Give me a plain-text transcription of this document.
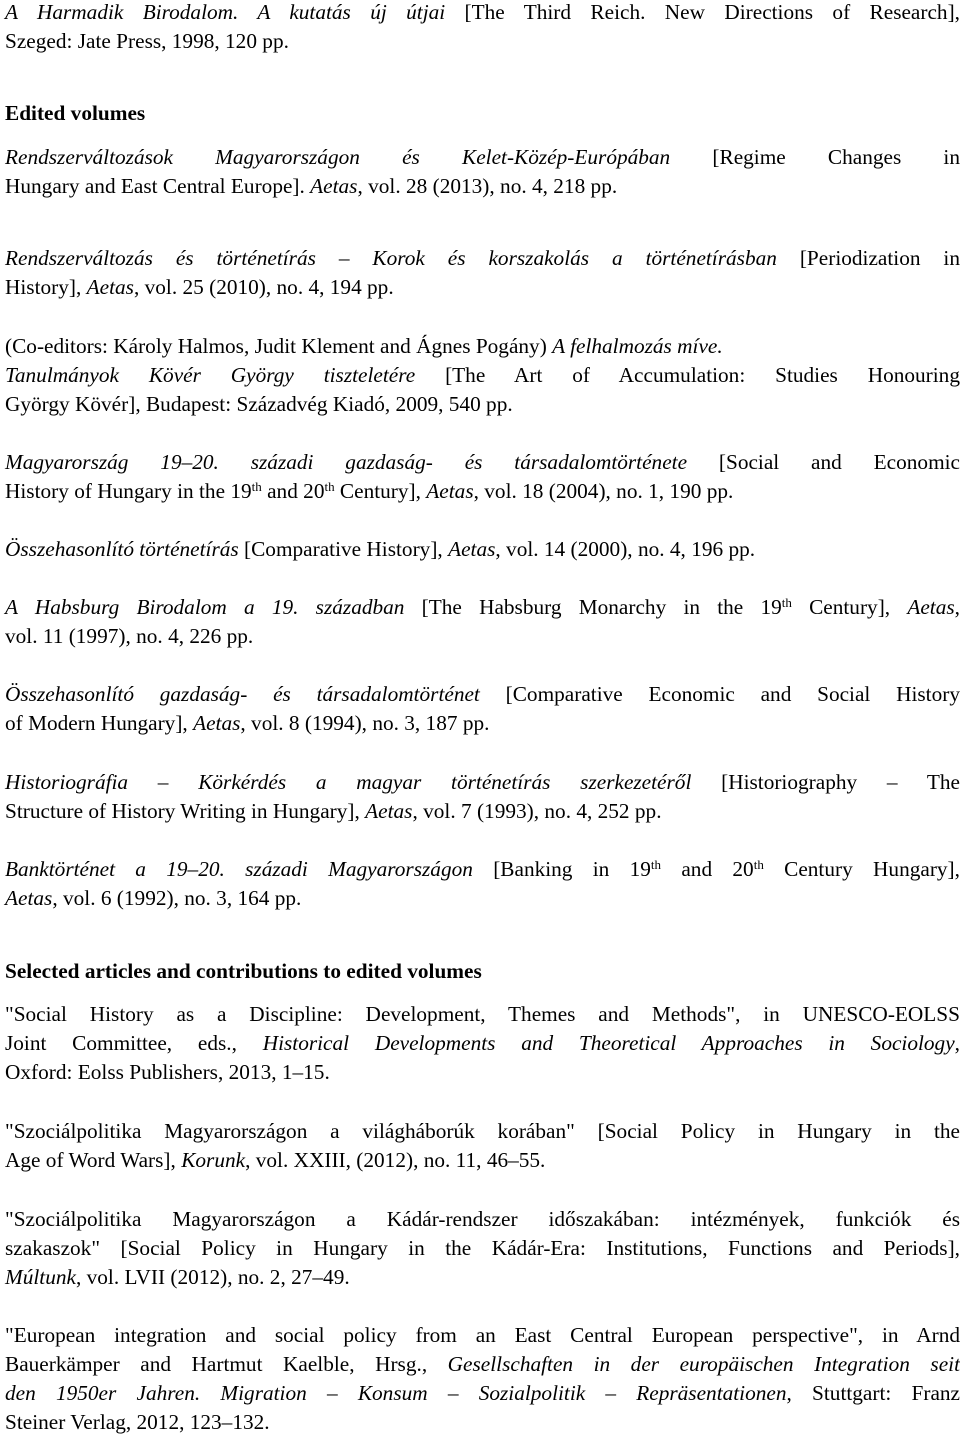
A Harmadik Birodalom. A kutatás új útjai [The Third Reich. New Directions of Research],
Szeged: Jate Press, 1998, 120 pp.

Edited volumes

Rendszerváltozások Magyarországon és Kelet-Közép-Európában [Regime Changes in
Hungary and East Central Europe]. Aetas, vol. 28 (2013), no. 4, 218 pp.

Rendszerváltozás és történetírás – Korok és korszakolás a történetírásban [Periodization in
History], Aetas, vol. 25 (2010), no. 4, 194 pp.

(Co-editors: Károly Halmos, Judit Klement and Ágnes Pogány) A felhalmozás míve.
Tanulmányok Kövér György tiszteletére [The Art of Accumulation: Studies Honouring
György Kövér], Budapest: Századvég Kiadó, 2009, 540 pp.

Magyarország 19–20. századi gazdaság- és társadalomtörténete [Social and Economic
History of Hungary in the 19th and 20th Century], Aetas, vol. 18 (2004), no. 1, 190 pp.

Összehasonlító történetírás [Comparative History], Aetas, vol. 14 (2000), no. 4, 196 pp.

A Habsburg Birodalom a 19. században [The Habsburg Monarchy in the 19th Century], Aetas,
vol. 11 (1997), no. 4, 226 pp.

Összehasonlító gazdaság- és társadalomtörténet [Comparative Economic and Social History
of Modern Hungary], Aetas, vol. 8 (1994), no. 3, 187 pp.

Historiográfia – Körkérdés a magyar történetírás szerkezetéről [Historiography – The
Structure of History Writing in Hungary], Aetas, vol. 7 (1993), no. 4, 252 pp.

Banktörténet a 19–20. századi Magyarországon [Banking in 19th and 20th Century Hungary],
Aetas, vol. 6 (1992), no. 3, 164 pp.

Selected articles and contributions to edited volumes

"Social History as a Discipline: Development, Themes and Methods", in UNESCO-EOLSS
Joint Committee, eds., Historical Developments and Theoretical Approaches in Sociology,
Oxford: Eolss Publishers, 2013, 1–15.

"Szociálpolitika Magyarországon a világháborúk korában" [Social Policy in Hungary in the
Age of Word Wars], Korunk, vol. XXIII, (2012), no. 11, 46–55.

"Szociálpolitika Magyarországon a Kádár-rendszer időszakában: intézmények, funkciók és
szakaszok" [Social Policy in Hungary in the Kádár-Era: Institutions, Functions and Periods],
Múltunk, vol. LVII (2012), no. 2, 27–49.

"European integration and social policy from an East Central European perspective", in Arnd
Bauerkämper and Hartmut Kaelble, Hrsg., Gesellschaften in der europäischen Integration seit
den 1950er Jahren. Migration – Konsum – Sozialpolitik – Repräsentationen, Stuttgart: Franz
Steiner Verlag, 2012, 123–132.
